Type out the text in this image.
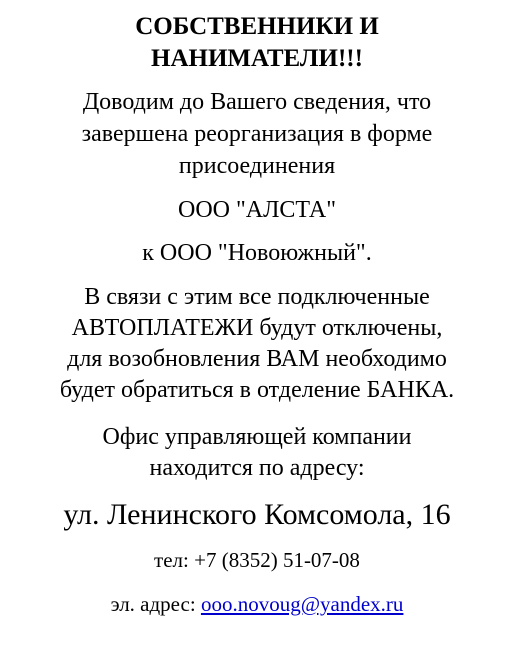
СОБСТВЕННИКИ И
НАНИМАТЕЛИ!!!
Доводим до Вашего сведения, что
завершена реорганизация в форме
присоединения
ООО "АЛСТА"
к ООО "Новоюжный".
В связи с этим все подключенные
АВТОПЛАТЕЖИ будут отключены,
для возобновления ВАМ необходимо
будет обратиться в отделение БАНКА.
Офис управляющей компании
находится по адресу:
ул. Ленинского Комсомола, 16
тел: +7 (8352) 51-07-08
эл. адрес: ooo.novoug@yandex.ru
